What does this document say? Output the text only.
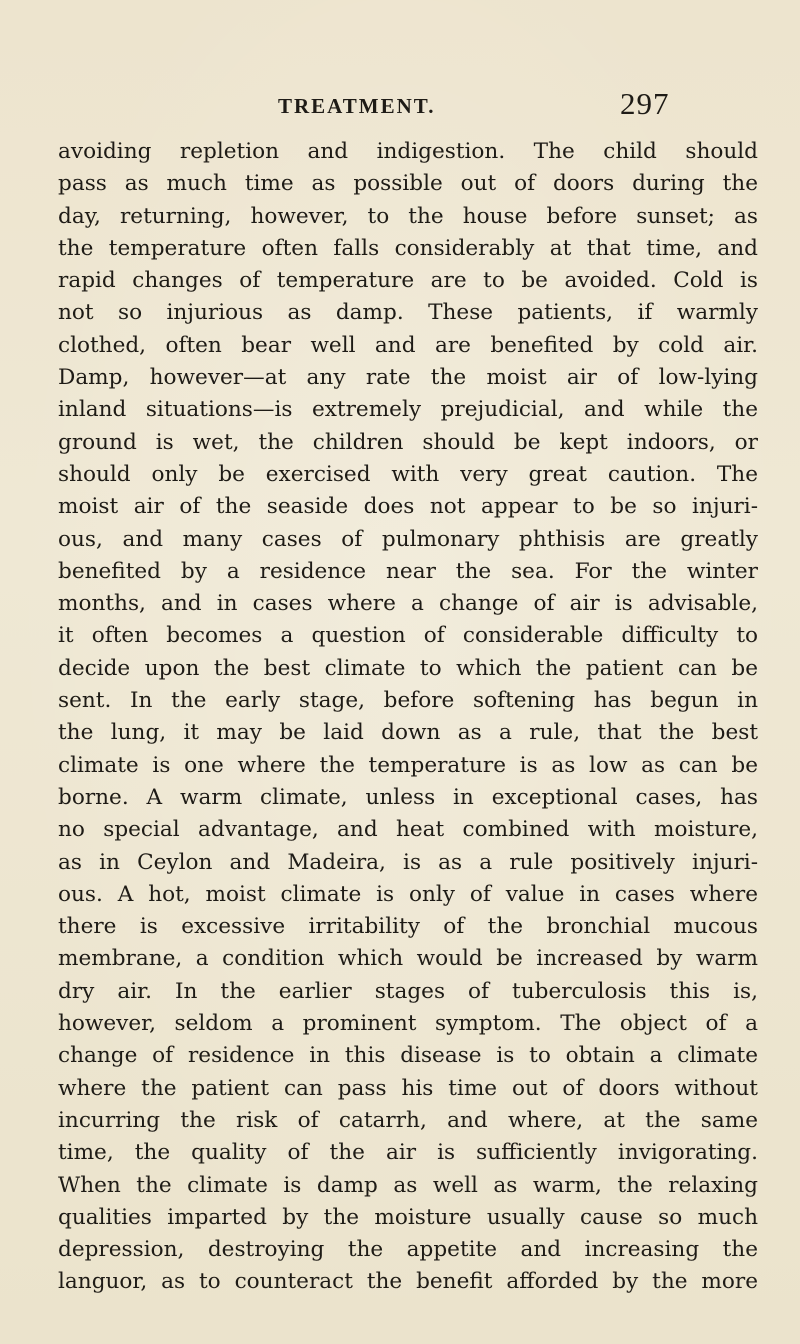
TREATMENT.	297
avoiding repletion and indigestion. The child should
pass as much time as possible out of doors during the
day, returning, however, to the house before sunset; as
the temperature often falls considerably at that time, and
rapid changes of temperature are to be avoided. Cold is
not so injurious as damp. These patients, if warmly
clothed, often bear well and are benefited by cold air.
Damp, however—at any rate the moist air of low-lying
inland situations—is extremely prejudicial, and while the
ground is wet, the children should be kept indoors, or
should only be exercised with very great caution. The
moist air of the seaside does not appear to be so injuri-
ous, and many cases of pulmonary phthisis are greatly
benefited by a residence near the sea. For the winter
months, and in cases where a change of air is advisable,
it often becomes a question of considerable difficulty to
decide upon the best climate to which the patient can be
sent. In the early stage, before softening has begun in
the lung, it may be laid down as a rule, that the best
climate is one where the temperature is as low as can be
borne. A warm climate, unless in exceptional cases, has
no special advantage, and heat combined with moisture,
as in Ceylon and Madeira, is as a rule positively injuri-
ous. A hot, moist climate is only of value in cases where
there is excessive irritability of the bronchial mucous
membrane, a condition which would be increased by warm
dry air. In the earlier stages of tuberculosis this is,
however, seldom a prominent symptom. The object of a
change of residence in this disease is to obtain a climate
where the patient can pass his time out of doors without
incurring the risk of catarrh, and where, at the same
time, the quality of the air is sufficiently invigorating.
When the climate is damp as well as warm, the relaxing
qualities imparted by the moisture usually cause so much
depression, destroying the appetite and increasing the
languor, as to counteract the benefit afforded by the more
